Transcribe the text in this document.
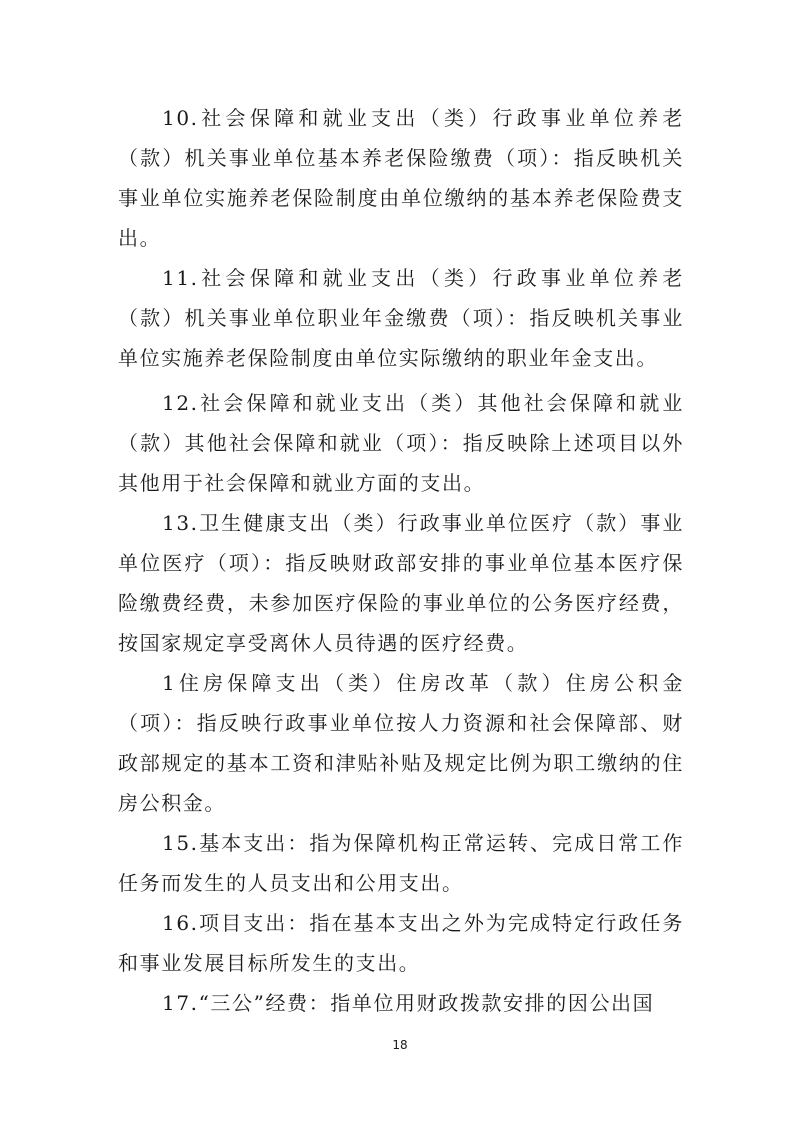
10.社会保障和就业支出（类）行政事业单位养老（款）机关事业单位基本养老保险缴费（项）：指反映机关事业单位实施养老保险制度由单位缴纳的基本养老保险费支出。

11.社会保障和就业支出（类）行政事业单位养老（款）机关事业单位职业年金缴费（项）：指反映机关事业单位实施养老保险制度由单位实际缴纳的职业年金支出。

12.社会保障和就业支出（类）其他社会保障和就业（款）其他社会保障和就业（项）：指反映除上述项目以外其他用于社会保障和就业方面的支出。

13.卫生健康支出（类）行政事业单位医疗（款）事业单位医疗（项）：指反映财政部安排的事业单位基本医疗保险缴费经费，未参加医疗保险的事业单位的公务医疗经费，按国家规定享受离休人员待遇的医疗经费。

1住房保障支出（类）住房改革（款）住房公积金（项）：指反映行政事业单位按人力资源和社会保障部、财政部规定的基本工资和津贴补贴及规定比例为职工缴纳的住房公积金。

15.基本支出：指为保障机构正常运转、完成日常工作任务而发生的人员支出和公用支出。

16.项目支出：指在基本支出之外为完成特定行政任务和事业发展目标所发生的支出。

17.“三公”经费：指单位用财政拨款安排的因公出国

18
